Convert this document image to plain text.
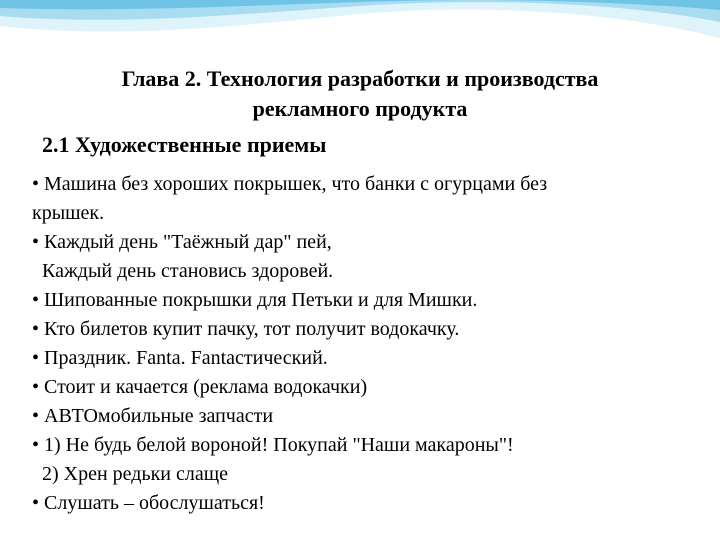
Глава 2. Технология разработки и производства
рекламного продукта
2.1 Художественные приемы
• Машина без хороших покрышек, что банки с огурцами без
крышек.
• Каждый день "Таёжный дар" пей,
Каждый день становись здоровей.
• Шипованные покрышки для Петьки и для Мишки.
• Кто билетов купит пачку, тот получит водокачку.
• Праздник. Fanta. Fantaстический.
• Стоит и качается (реклама водокачки)
• АВТОмобильные запчасти
• 1) Не будь белой вороной! Покупай "Наши макароны"!
2) Хрен редьки слаще
• Слушать – обослушаться!
